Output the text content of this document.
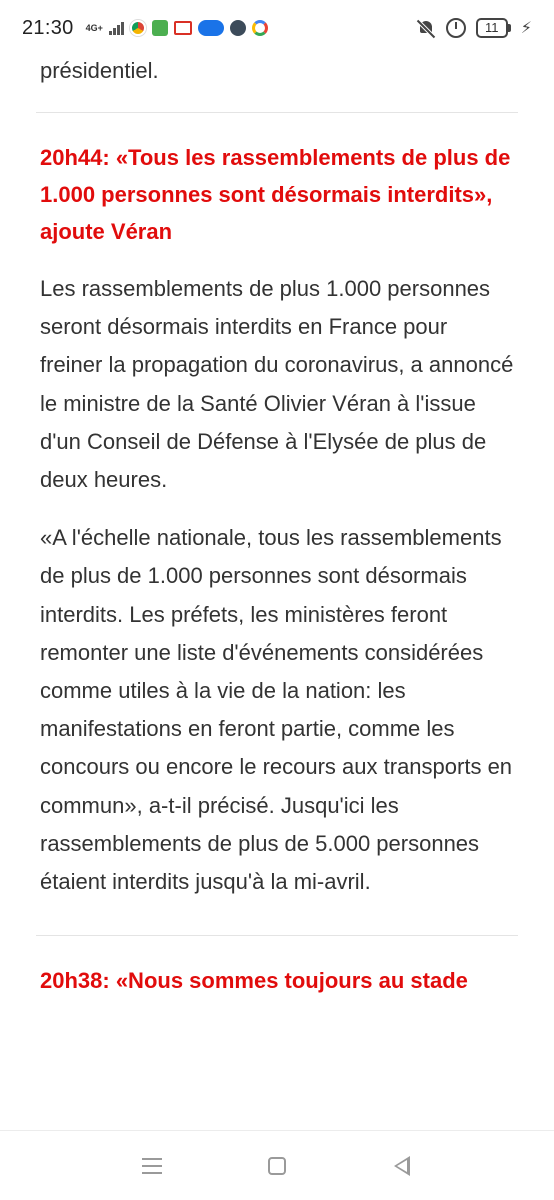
21:30 4G+	11	⚡

présidentiel.

20h44: «Tous les rassemblements de plus de 1.000 personnes sont désormais interdits», ajoute Véran

Les rassemblements de plus 1.000 personnes seront désormais interdits en France pour freiner la propagation du coronavirus, a annoncé le ministre de la Santé Olivier Véran à l'issue d'un Conseil de Défense à l'Elysée de plus de deux heures.

«A l'échelle nationale, tous les rassemblements de plus de 1.000 personnes sont désormais interdits. Les préfets, les ministères feront remonter une liste d'événements considérées comme utiles à la vie de la nation: les manifestations en feront partie, comme les concours ou encore le recours aux transports en commun», a-t-il précisé. Jusqu'ici les rassemblements de plus de 5.000 personnes étaient interdits jusqu'à la mi-avril.

20h38: «Nous sommes toujours au stade
